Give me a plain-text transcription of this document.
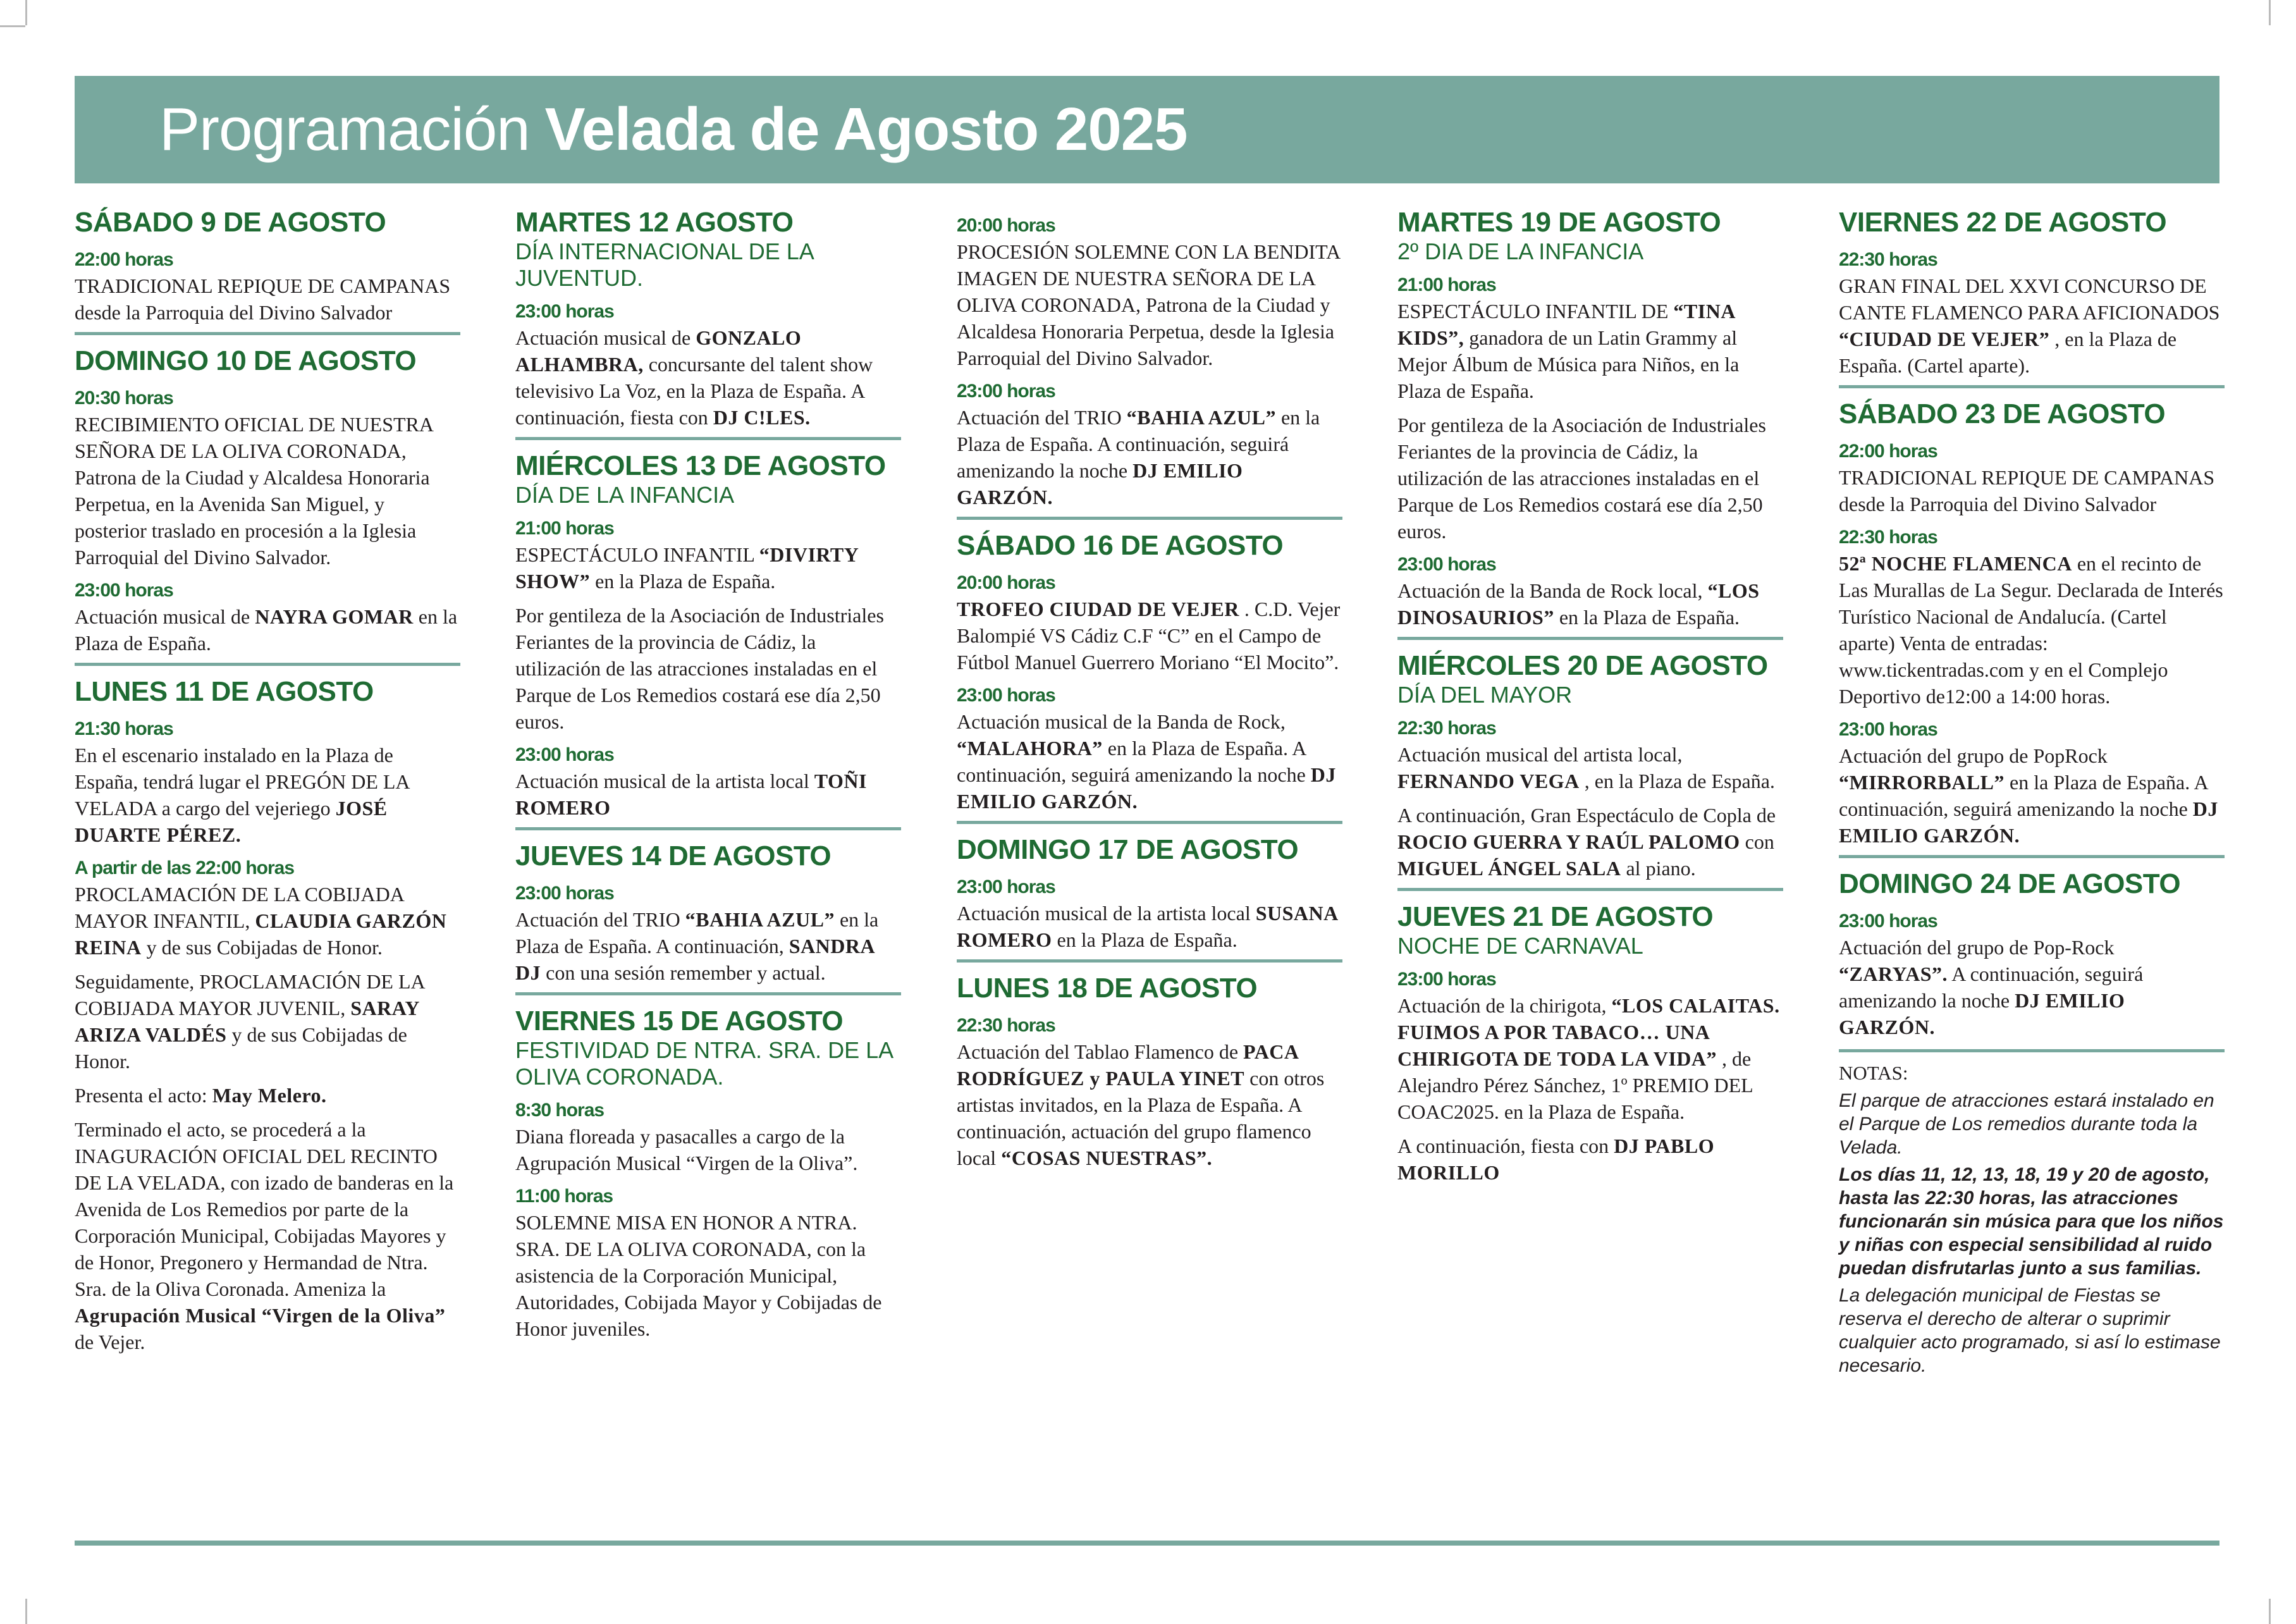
Programación Velada de Agosto 2025
SÁBADO 9 DE AGOSTO
22:00 horas
TRADICIONAL REPIQUE DE CAMPANAS desde la Parroquia del Divino Salvador
DOMINGO 10 DE AGOSTO
20:30 horas
RECIBIMIENTO OFICIAL DE NUESTRA SEÑORA DE LA OLIVA CORONADA, Patrona de la Ciudad y Alcaldesa Honoraria Perpetua, en la Avenida San Miguel, y posterior traslado en procesión a la Iglesia Parroquial del Divino Salvador.
23:00 horas
Actuación musical de NAYRA GOMAR en la Plaza de España.
LUNES 11 DE AGOSTO
21:30 horas
En el escenario instalado en la Plaza de España, tendrá lugar el PREGÓN DE LA VELADA a cargo del vejeriego JOSÉ DUARTE PÉREZ.
A partir de las 22:00 horas
PROCLAMACIÓN DE LA COBIJADA MAYOR INFANTIL, CLAUDIA GARZÓN REINA y de sus Cobijadas de Honor.
Seguidamente, PROCLAMACIÓN DE LA COBIJADA MAYOR JUVENIL, SARAY ARIZA VALDÉS y de sus Cobijadas de Honor.
Presenta el acto: May Melero.
Terminado el acto, se procederá a la INAGURACIÓN OFICIAL DEL RECINTO DE LA VELADA, con izado de banderas en la Avenida de Los Remedios por parte de la Corporación Municipal, Cobijadas Mayores y de Honor, Pregonero y Hermandad de Ntra. Sra. de la Oliva Coronada. Ameniza la Agrupación Musical “Virgen de la Oliva” de Vejer.
MARTES 12 AGOSTO
DÍA INTERNACIONAL DE LA JUVENTUD.
23:00 horas
Actuación musical de GONZALO ALHAMBRA, concursante del talent show televisivo La Voz, en la Plaza de España. A continuación, fiesta con DJ C!LES.
MIÉRCOLES 13 DE AGOSTO
DÍA DE LA INFANCIA
21:00 horas
ESPECTÁCULO INFANTIL “DIVIRTY SHOW” en la Plaza de España.
Por gentileza de la Asociación de Industriales Feriantes de la provincia de Cádiz, la utilización de las atracciones instaladas en el Parque de Los Remedios costará ese día 2,50 euros.
23:00 horas
Actuación musical de la artista local TOÑI ROMERO
JUEVES 14 DE AGOSTO
23:00 horas
Actuación del TRIO “BAHIA AZUL” en la Plaza de España. A continuación, SANDRA DJ con una sesión remember y actual.
VIERNES 15 DE AGOSTO
FESTIVIDAD DE NTRA. SRA. DE LA OLIVA CORONADA.
8:30 horas
Diana floreada y pasacalles a cargo de la Agrupación Musical “Virgen de la Oliva”.
11:00 horas
SOLEMNE MISA EN HONOR A NTRA. SRA. DE LA OLIVA CORONADA, con la asistencia de la Corporación Municipal, Autoridades, Cobijada Mayor y Cobijadas de Honor juveniles.
20:00 horas
PROCESIÓN SOLEMNE CON LA BENDITA IMAGEN DE NUESTRA SEÑORA DE LA OLIVA CORONADA, Patrona de la Ciudad y Alcaldesa Honoraria Perpetua, desde la Iglesia Parroquial del Divino Salvador.
23:00 horas
Actuación del TRIO “BAHIA AZUL” en la Plaza de España. A continuación, seguirá amenizando la noche DJ EMILIO GARZÓN.
SÁBADO 16 DE AGOSTO
20:00 horas
TROFEO CIUDAD DE VEJER . C.D. Vejer Balompié VS Cádiz C.F “C” en el Campo de Fútbol Manuel Guerrero Moriano “El Mocito”.
23:00 horas
Actuación musical de la Banda de Rock, “MALAHORA” en la Plaza de España. A continuación, seguirá amenizando la noche DJ EMILIO GARZÓN.
DOMINGO 17 DE AGOSTO
23:00 horas
Actuación musical de la artista local SUSANA ROMERO en la Plaza de España.
LUNES 18 DE AGOSTO
22:30 horas
Actuación del Tablao Flamenco de PACA RODRÍGUEZ y PAULA YINET con otros artistas invitados, en la Plaza de España. A continuación, actuación del grupo flamenco local “COSAS NUESTRAS”.
MARTES 19 DE AGOSTO
2º DIA DE LA INFANCIA
21:00 horas
ESPECTÁCULO INFANTIL DE “TINA KIDS”, ganadora de un Latin Grammy al Mejor Álbum de Música para Niños, en la Plaza de España.
Por gentileza de la Asociación de Industriales Feriantes de la provincia de Cádiz, la utilización de las atracciones instaladas en el Parque de Los Remedios costará ese día 2,50 euros.
23:00 horas
Actuación de la Banda de Rock local, “LOS DINOSAURIOS” en la Plaza de España.
MIÉRCOLES 20 DE AGOSTO
DÍA DEL MAYOR
22:30 horas
Actuación musical del artista local, FERNANDO VEGA , en la Plaza de España.
A continuación, Gran Espectáculo de Copla de ROCIO GUERRA Y RAÚL PALOMO con MIGUEL ÁNGEL SALA al piano.
JUEVES 21 DE AGOSTO
NOCHE DE CARNAVAL
23:00 horas
Actuación de la chirigota, “LOS CALAITAS. FUIMOS A POR TABACO… UNA CHIRIGOTA DE TODA LA VIDA” , de Alejandro Pérez Sánchez, 1º PREMIO DEL COAC2025. en la Plaza de España.
A continuación, fiesta con DJ PABLO MORILLO
VIERNES 22 DE AGOSTO
22:30 horas
GRAN FINAL DEL XXVI CONCURSO DE CANTE FLAMENCO PARA AFICIONADOS “CIUDAD DE VEJER” , en la Plaza de España. (Cartel aparte).
SÁBADO 23 DE AGOSTO
22:00 horas
TRADICIONAL REPIQUE DE CAMPANAS desde la Parroquia del Divino Salvador
22:30 horas
52ª NOCHE FLAMENCA en el recinto de Las Murallas de La Segur. Declarada de Interés Turístico Nacional de Andalucía. (Cartel aparte) Venta de entradas: www.tickentradas.com y en el Complejo Deportivo de12:00 a 14:00 horas.
23:00 horas
Actuación del grupo de PopRock “MIRRORBALL” en la Plaza de España. A continuación, seguirá amenizando la noche DJ EMILIO GARZÓN.
DOMINGO 24 DE AGOSTO
23:00 horas
Actuación del grupo de Pop-Rock “ZARYAS”. A continuación, seguirá amenizando la noche DJ EMILIO GARZÓN.
NOTAS:
El parque de atracciones estará instalado en el Parque de Los remedios durante toda la Velada.
Los días 11, 12, 13, 18, 19 y 20 de agosto, hasta las 22:30 horas, las atracciones funcionarán sin música para que los niños y niñas con especial sensibilidad al ruido puedan disfrutarlas junto a sus familias.
La delegación municipal de Fiestas se reserva el derecho de alterar o suprimir cualquier acto programado, si así lo estimase necesario.
